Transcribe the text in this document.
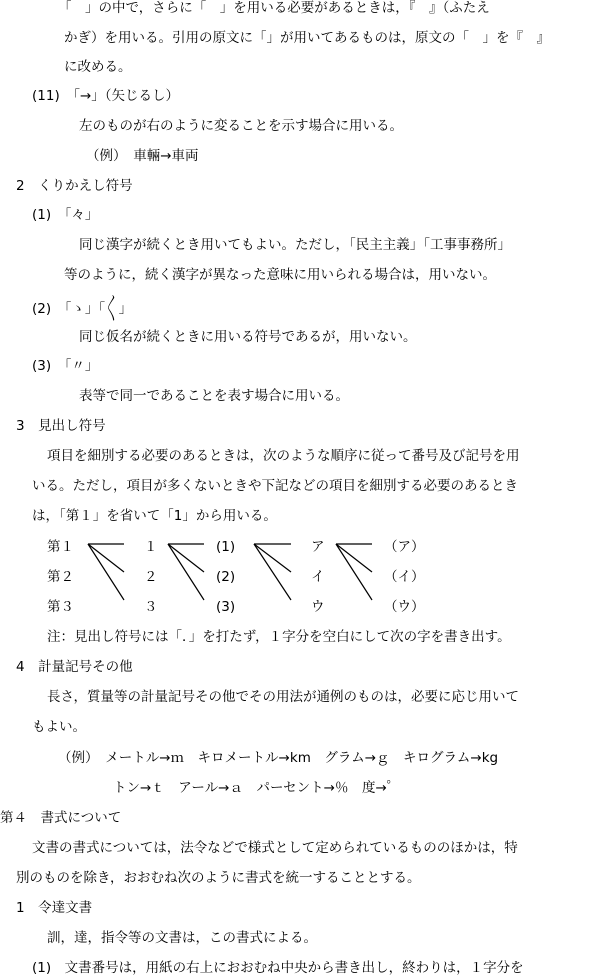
「　」の中で，さらに「　」を用いる必要があるときは，『　』（ふたえ
かぎ）を用いる。引用の原文に「」が用いてあるものは，原文の「　」を『　』
に改める。
(11)　「→」（矢じるし）
左のものが右のように変ることを示す場合に用いる。
（例）　車輛→車両
2　くりかえし符号
(1)　「々」
同じ漢字が続くとき用いてもよい。ただし，「民主主義」「工事事務所」
等のように，続く漢字が異なった意味に用いられる場合は，用いない。
(2)　「ゝ」「〱」
同じ仮名が続くときに用いる符号であるが，用いない。
(3)　「〃」
表等で同一であることを表す場合に用いる。
3　見出し符号
項目を細別する必要のあるときは，次のような順序に従って番号及び記号を用
いる。ただし，項目が多くないときや下記などの項目を細別する必要のあるとき
は，「第１」を省いて「1」から用いる。
第１
第２
第３
１
２
３
(1)
(2)
(3)
ア
イ
ウ
（ア）
（イ）
（ウ）
注：見出し符号には「．」を打たず，１字分を空白にして次の字を書き出す。
4　計量記号その他
長さ，質量等の計量記号その他でその用法が通例のものは，必要に応じ用いて
もよい。
（例）　メートル→ｍ　キロメートル→km　グラム→ｇ　キログラム→kg
トン→ｔ　アール→ａ　パーセント→％　度→゜
第４　書式について
文書の書式については，法令などで様式として定められているもののほかは，特
別のものを除き，おおむね次のように書式を統一することとする。
1　令達文書
訓，達，指令等の文書は，この書式による。
(1)　文書番号は，用紙の右上におおむね中央から書き出し，終わりは，１字分を
